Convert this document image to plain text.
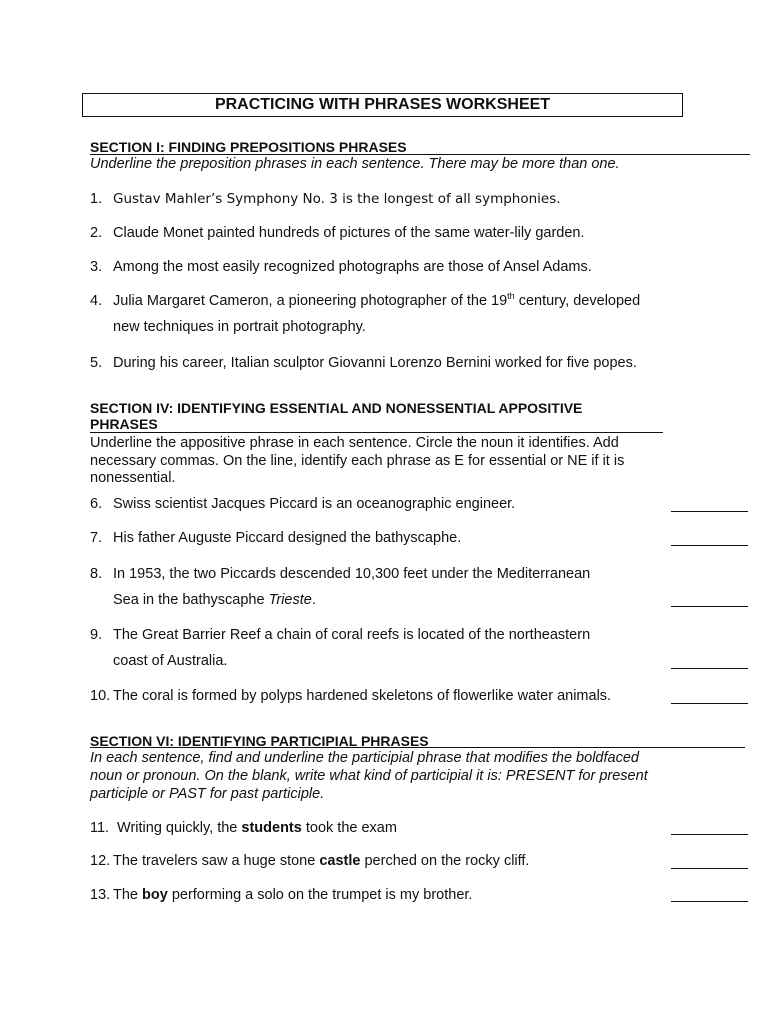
PRACTICING WITH PHRASES WORKSHEET
SECTION I: FINDING PREPOSITIONS PHRASES
Underline the preposition phrases in each sentence. There may be more than one.
1. Gustav Mahler’s Symphony No. 3 is the longest of all symphonies.
2. Claude Monet painted hundreds of pictures of the same water-lily garden.
3. Among the most easily recognized photographs are those of Ansel Adams.
4. Julia Margaret Cameron, a pioneering photographer of the 19th century, developed
new techniques in portrait photography.
5. During his career, Italian sculptor Giovanni Lorenzo Bernini worked for five popes.
SECTION IV: IDENTIFYING ESSENTIAL AND NONESSENTIAL APPOSITIVE
PHRASES
Underline the appositive phrase in each sentence. Circle the noun it identifies. Add
necessary commas. On the line, identify each phrase as E for essential or NE if it is
nonessential.
6. Swiss scientist Jacques Piccard is an oceanographic engineer.
7. His father Auguste Piccard designed the bathyscaphe.
8. In 1953, the two Piccards descended 10,300 feet under the Mediterranean
Sea in the bathyscaphe Trieste.
9. The Great Barrier Reef a chain of coral reefs is located of the northeastern
coast of Australia.
10. The coral is formed by polyps hardened skeletons of flowerlike water animals.
SECTION VI: IDENTIFYING PARTICIPIAL PHRASES
In each sentence, find and underline the participial phrase that modifies the boldfaced
noun or pronoun. On the blank, write what kind of participial it is: PRESENT for present
participle or PAST for past participle.
11. Writing quickly, the students took the exam
12. The travelers saw a huge stone castle perched on the rocky cliff.
13. The boy performing a solo on the trumpet is my brother.
